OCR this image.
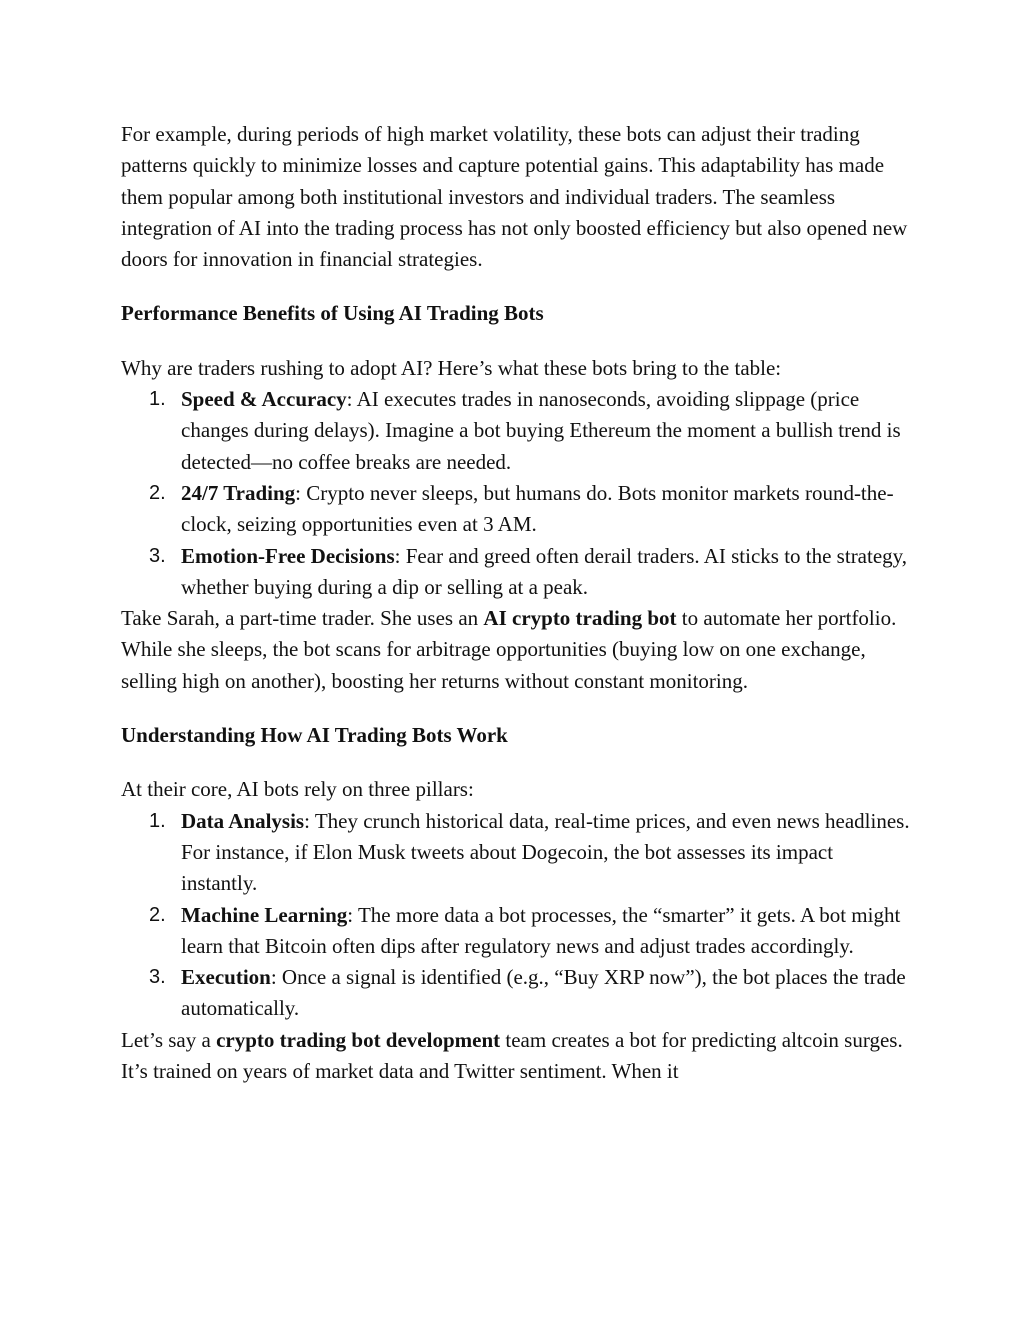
For example, during periods of high market volatility, these bots can adjust their trading patterns quickly to minimize losses and capture potential gains. This adaptability has made them popular among both institutional investors and individual traders. The seamless integration of AI into the trading process has not only boosted efficiency but also opened new doors for innovation in financial strategies.

Performance Benefits of Using AI Trading Bots

Why are traders rushing to adopt AI? Here’s what these bots bring to the table:

1. Speed & Accuracy: AI executes trades in nanoseconds, avoiding slippage (price changes during delays). Imagine a bot buying Ethereum the moment a bullish trend is detected—no coffee breaks are needed.
2. 24/7 Trading: Crypto never sleeps, but humans do. Bots monitor markets round-the-clock, seizing opportunities even at 3 AM.
3. Emotion-Free Decisions: Fear and greed often derail traders. AI sticks to the strategy, whether buying during a dip or selling at a peak.

Take Sarah, a part-time trader. She uses an AI crypto trading bot to automate her portfolio. While she sleeps, the bot scans for arbitrage opportunities (buying low on one exchange, selling high on another), boosting her returns without constant monitoring.

Understanding How AI Trading Bots Work

At their core, AI bots rely on three pillars:

1. Data Analysis: They crunch historical data, real-time prices, and even news headlines. For instance, if Elon Musk tweets about Dogecoin, the bot assesses its impact instantly.
2. Machine Learning: The more data a bot processes, the “smarter” it gets. A bot might learn that Bitcoin often dips after regulatory news and adjust trades accordingly.
3. Execution: Once a signal is identified (e.g., “Buy XRP now”), the bot places the trade automatically.

Let’s say a crypto trading bot development team creates a bot for predicting altcoin surges. It’s trained on years of market data and Twitter sentiment. When it
